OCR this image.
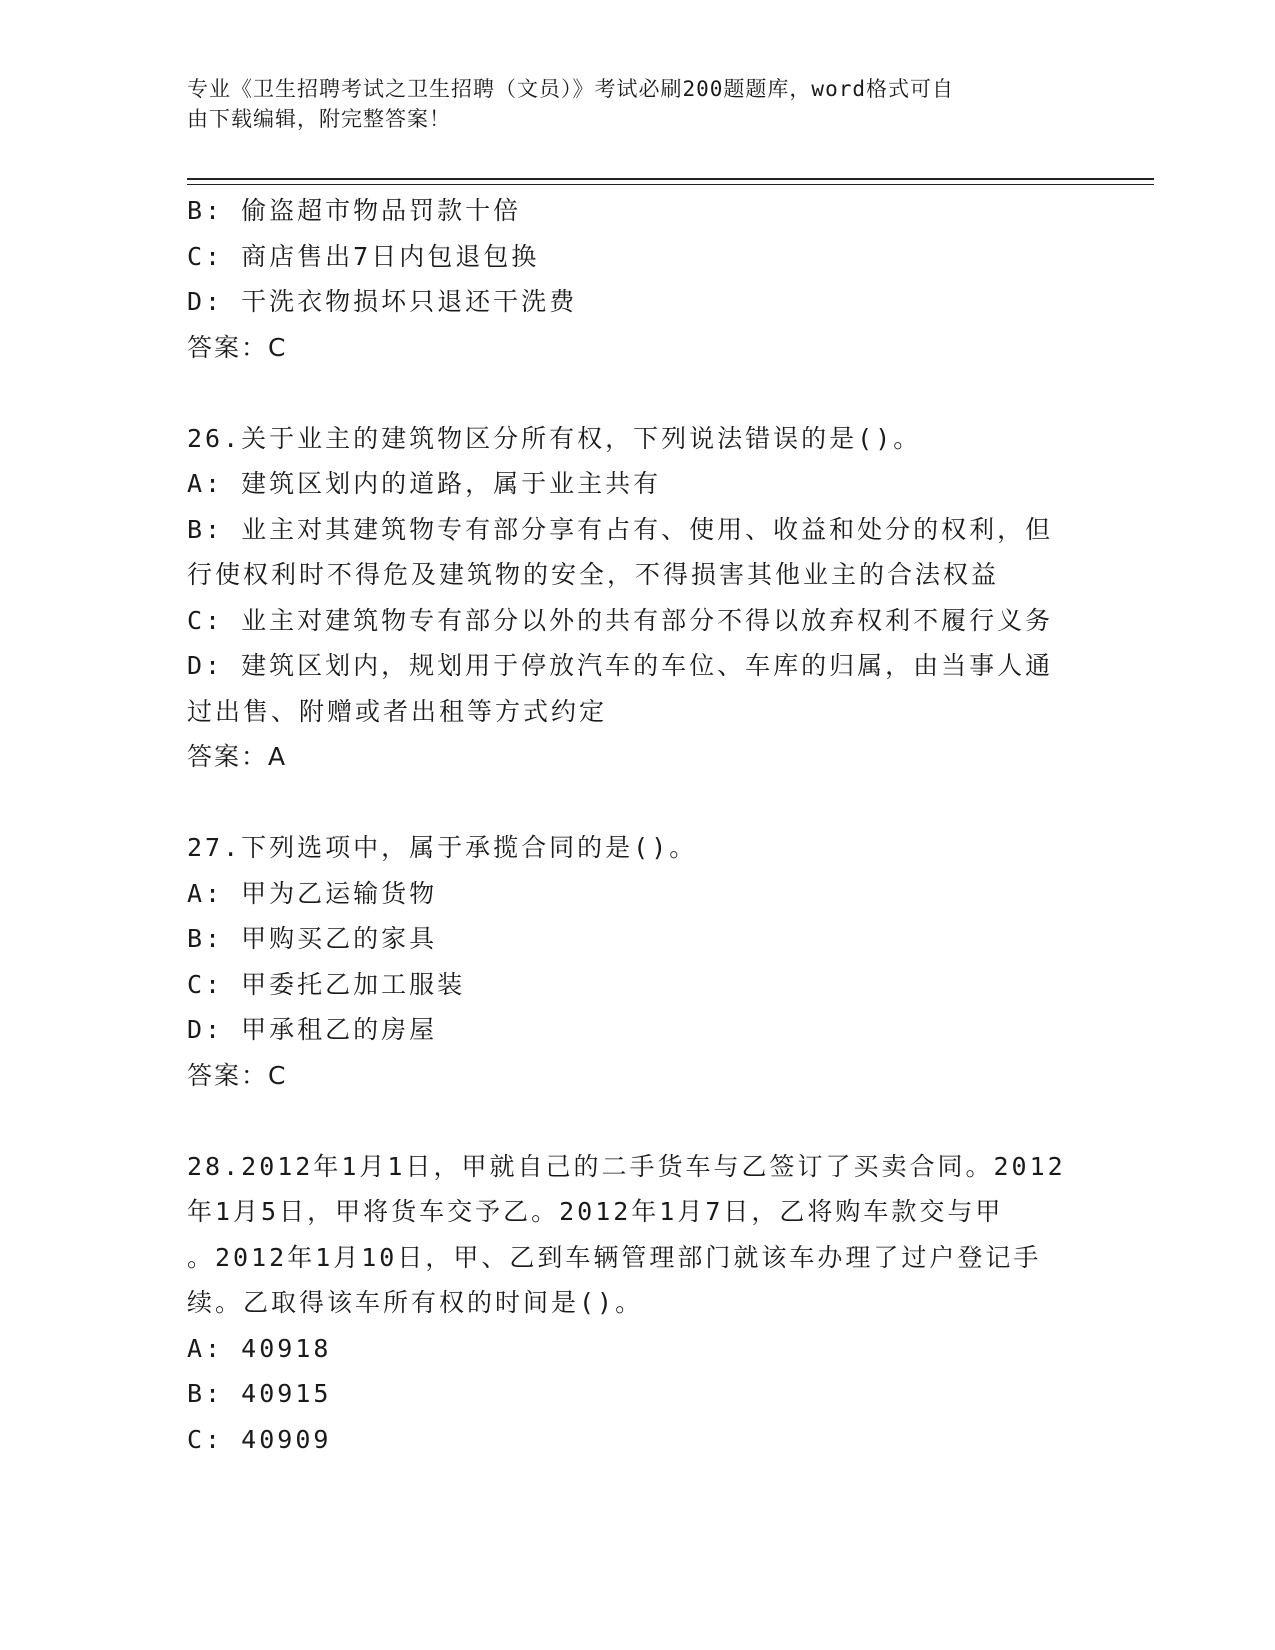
专业《卫生招聘考试之卫生招聘（文员）》考试必刷200题题库，word格式可自
由下载编辑，附完整答案！
B: 偷盗超市物品罚款十倍
C: 商店售出7日内包退包换
D: 干洗衣物损坏只退还干洗费
答案：C
26.关于业主的建筑物区分所有权，下列说法错误的是()。
A: 建筑区划内的道路，属于业主共有
B: 业主对其建筑物专有部分享有占有、使用、收益和处分的权利，但
行使权利时不得危及建筑物的安全，不得损害其他业主的合法权益
C: 业主对建筑物专有部分以外的共有部分不得以放弃权利不履行义务
D: 建筑区划内，规划用于停放汽车的车位、车库的归属，由当事人通
过出售、附赠或者出租等方式约定
答案：A
27.下列选项中，属于承揽合同的是()。
A: 甲为乙运输货物
B: 甲购买乙的家具
C: 甲委托乙加工服装
D: 甲承租乙的房屋
答案：C
28.2012年1月1日，甲就自己的二手货车与乙签订了买卖合同。2012
年1月5日，甲将货车交予乙。2012年1月7日，乙将购车款交与甲
。2012年1月10日，甲、乙到车辆管理部门就该车办理了过户登记手
续。乙取得该车所有权的时间是()。
A: 40918
B: 40915
C: 40909
